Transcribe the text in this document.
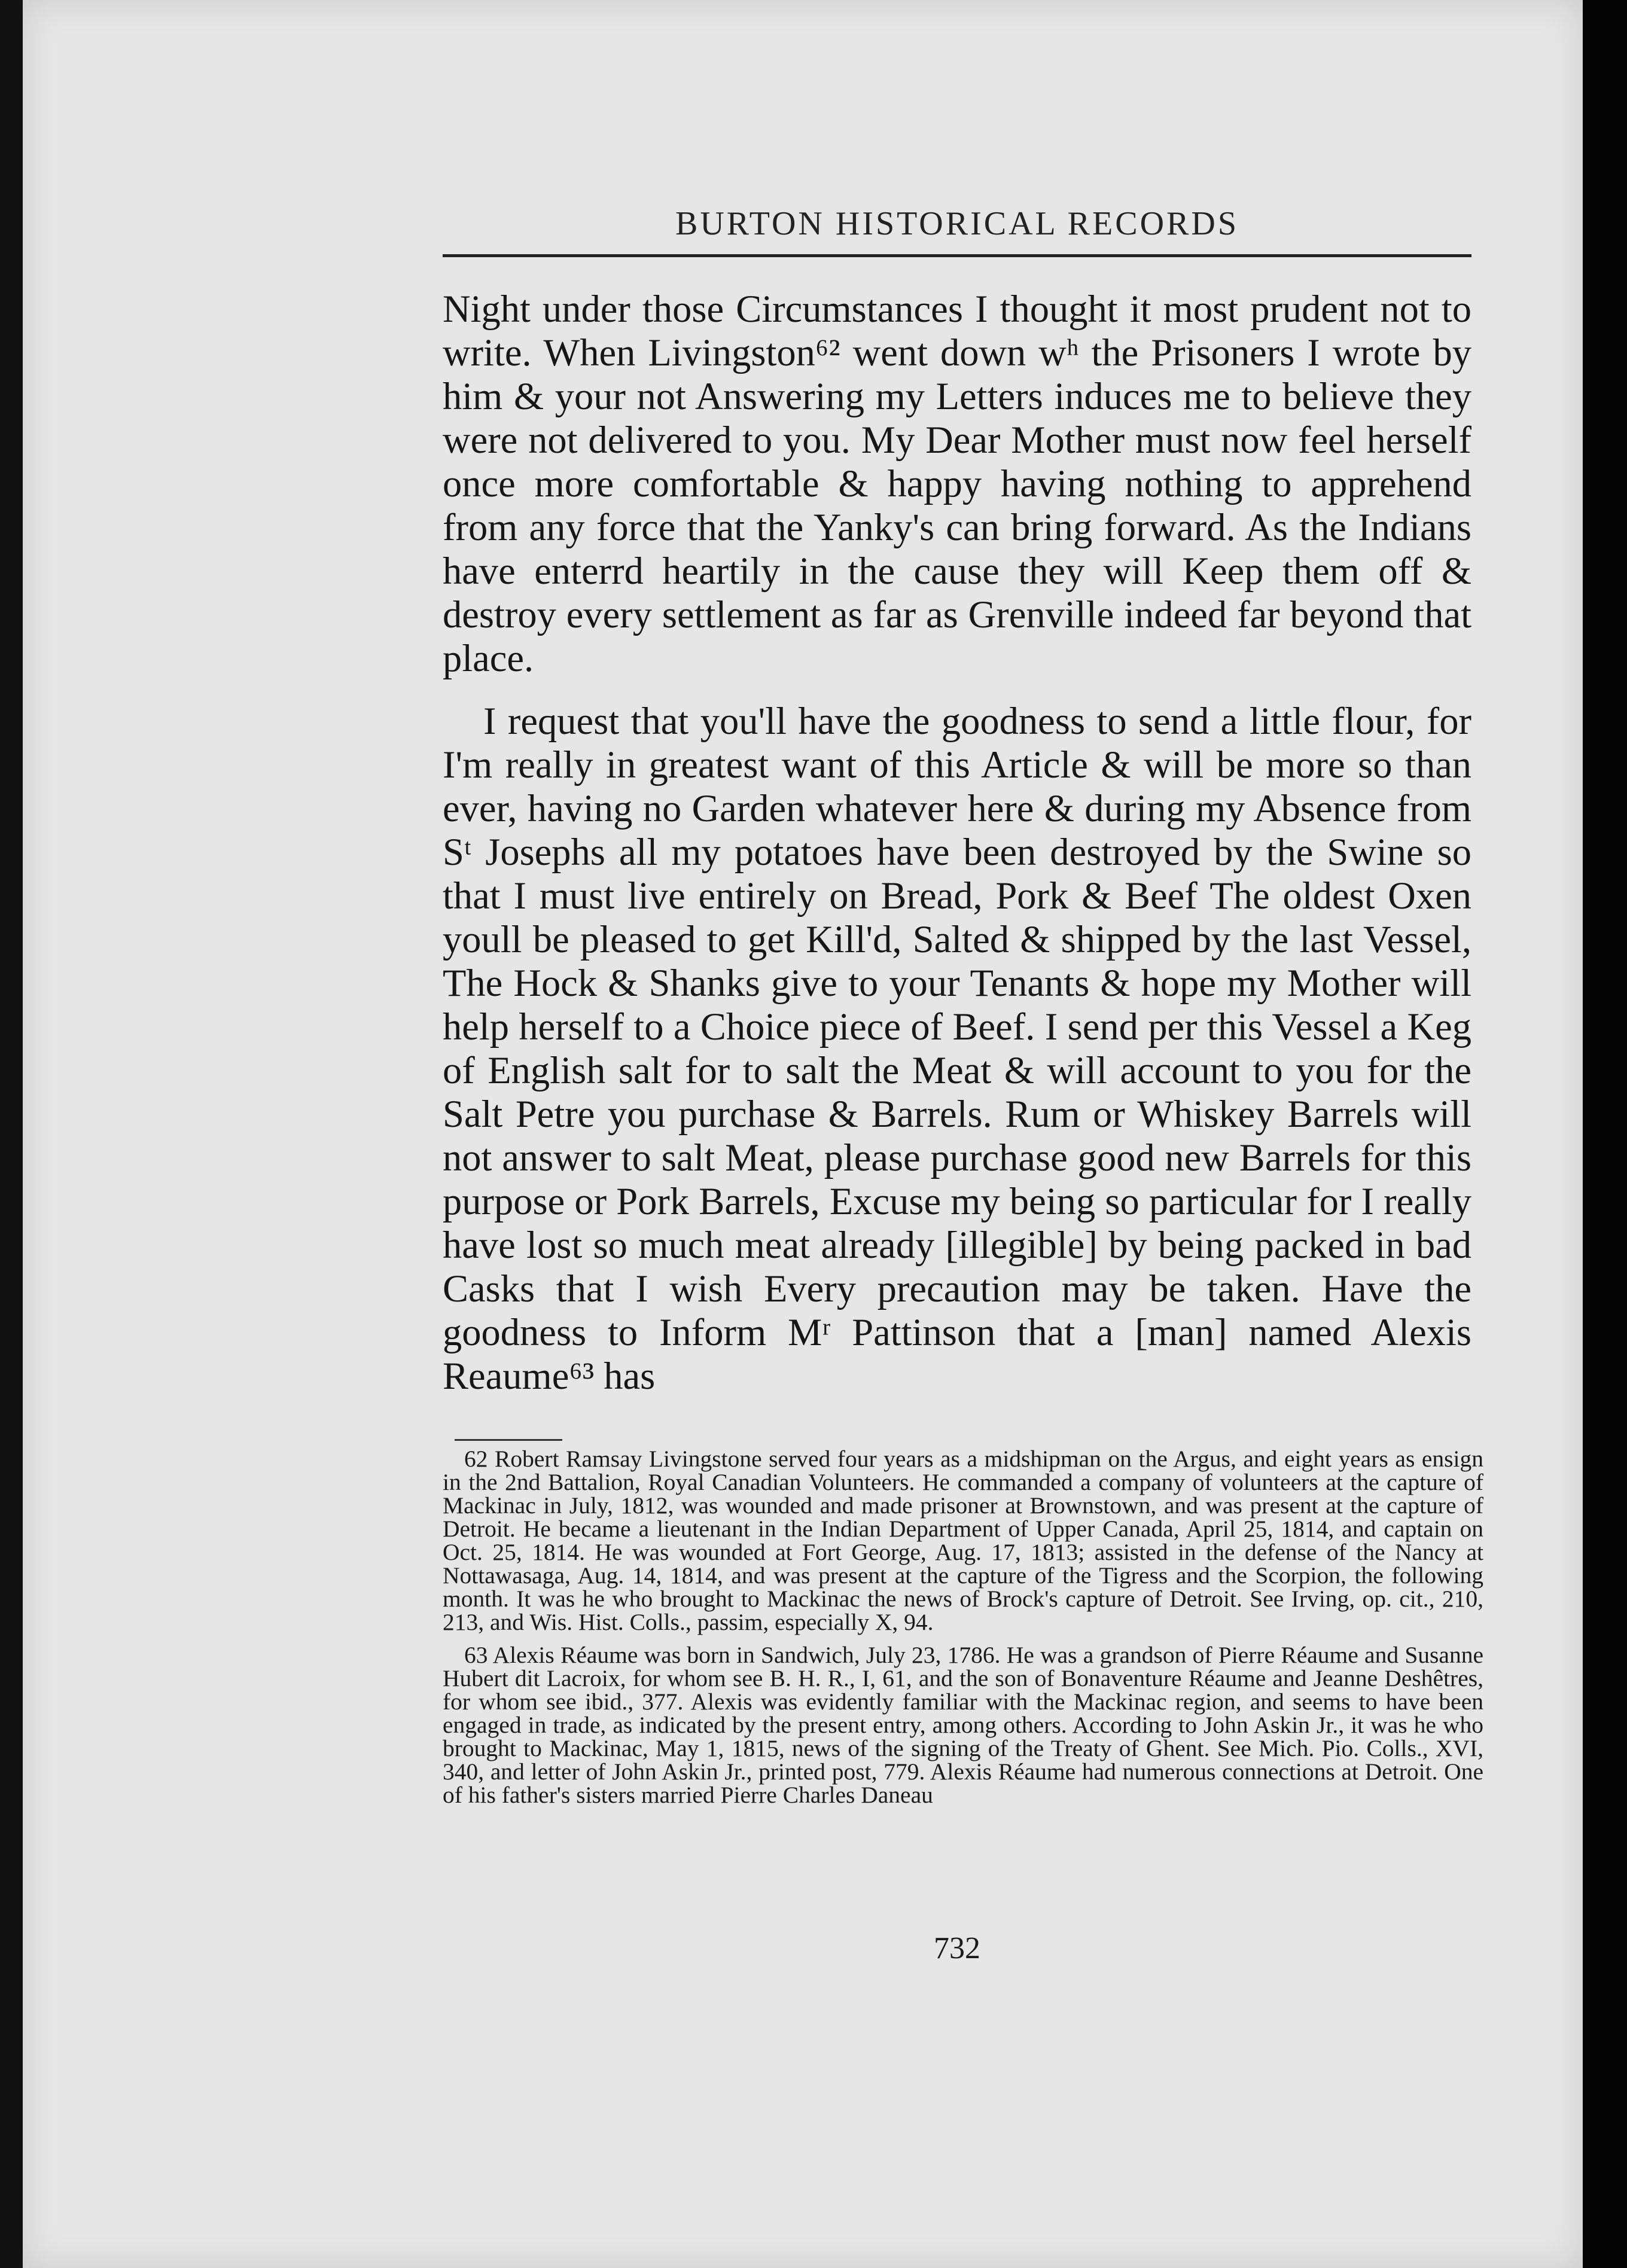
BURTON HISTORICAL RECORDS

Night under those Circumstances I thought it most prudent not to write. When Livingston⁶² went down wʰ the Prisoners I wrote by him & your not Answering my Letters induces me to believe they were not delivered to you. My Dear Mother must now feel herself once more comfortable & happy having nothing to apprehend from any force that the Yanky's can bring forward. As the Indians have enterrd heartily in the cause they will Keep them off & destroy every settlement as far as Grenville indeed far beyond that place.

I request that you'll have the goodness to send a little flour, for I'm really in greatest want of this Article & will be more so than ever, having no Garden whatever here & during my Absence from Sᵗ Josephs all my potatoes have been destroyed by the Swine so that I must live entirely on Bread, Pork & Beef The oldest Oxen youll be pleased to get Kill'd, Salted & shipped by the last Vessel, The Hock & Shanks give to your Tenants & hope my Mother will help herself to a Choice piece of Beef. I send per this Vessel a Keg of English salt for to salt the Meat & will account to you for the Salt Petre you purchase & Barrels. Rum or Whiskey Barrels will not answer to salt Meat, please purchase good new Barrels for this purpose or Pork Barrels, Excuse my being so particular for I really have lost so much meat already [illegible] by being packed in bad Casks that I wish Every precaution may be taken. Have the goodness to Inform Mʳ Pattinson that a [man] named Alexis Reaume⁶³ has

62 Robert Ramsay Livingstone served four years as a midshipman on the Argus, and eight years as ensign in the 2nd Battalion, Royal Canadian Volunteers. He commanded a company of volunteers at the capture of Mackinac in July, 1812, was wounded and made prisoner at Brownstown, and was present at the capture of Detroit. He became a lieutenant in the Indian Department of Upper Canada, April 25, 1814, and captain on Oct. 25, 1814. He was wounded at Fort George, Aug. 17, 1813; assisted in the defense of the Nancy at Nottawasaga, Aug. 14, 1814, and was present at the capture of the Tigress and the Scorpion, the following month. It was he who brought to Mackinac the news of Brock's capture of Detroit. See Irving, op. cit., 210, 213, and Wis. Hist. Colls., passim, especially X, 94.

63 Alexis Réaume was born in Sandwich, July 23, 1786. He was a grandson of Pierre Réaume and Susanne Hubert dit Lacroix, for whom see B. H. R., I, 61, and the son of Bonaventure Réaume and Jeanne Deshêtres, for whom see ibid., 377. Alexis was evidently familiar with the Mackinac region, and seems to have been engaged in trade, as indicated by the present entry, among others. According to John Askin Jr., it was he who brought to Mackinac, May 1, 1815, news of the signing of the Treaty of Ghent. See Mich. Pio. Colls., XVI, 340, and letter of John Askin Jr., printed post, 779. Alexis Réaume had numerous connections at Detroit. One of his father's sisters married Pierre Charles Daneau

732
